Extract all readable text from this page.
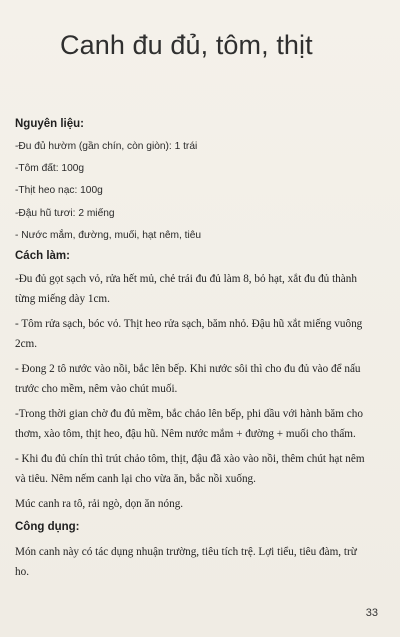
Canh đu đủ, tôm, thịt
Nguyên liệu:
-Đu đủ hườm (gần chín, còn giòn): 1 trái
-Tôm đất: 100g
-Thịt heo nạc: 100g
-Đậu hũ tươi: 2 miếng
- Nước mắm, đường, muối, hạt nêm, tiêu
Cách làm:

-Đu đủ gọt sạch vỏ, rửa hết mủ, chẻ trái đu đủ làm 8, bỏ hạt, xắt đu đủ thành từng miếng dày 1cm.

- Tôm rửa sạch, bóc vỏ. Thịt heo rửa sạch, băm nhỏ. Đậu hũ xắt miếng vuông 2cm.

- Đong 2 tô nước vào nồi, bắc lên bếp. Khi nước sôi thì cho đu đủ vào để nấu trước cho mềm, nêm vào chút muối.

-Trong thời gian chờ đu đủ mềm, bắc chảo lên bếp, phi dầu với hành băm cho thơm, xào tôm, thịt heo, đậu hũ. Nêm nước mắm + đường + muối cho thấm.

- Khi đu đủ chín thì trút chảo tôm, thịt, đậu đã xào vào nồi, thêm chút hạt nêm và tiêu. Nêm nếm canh lại cho vừa ăn, bắc nồi xuống.

Múc canh ra tô, rải ngò, dọn ăn nóng.

Công dụng:

Món canh này có tác dụng nhuận trường, tiêu tích trệ. Lợi tiểu, tiêu đàm, trừ ho.

33
